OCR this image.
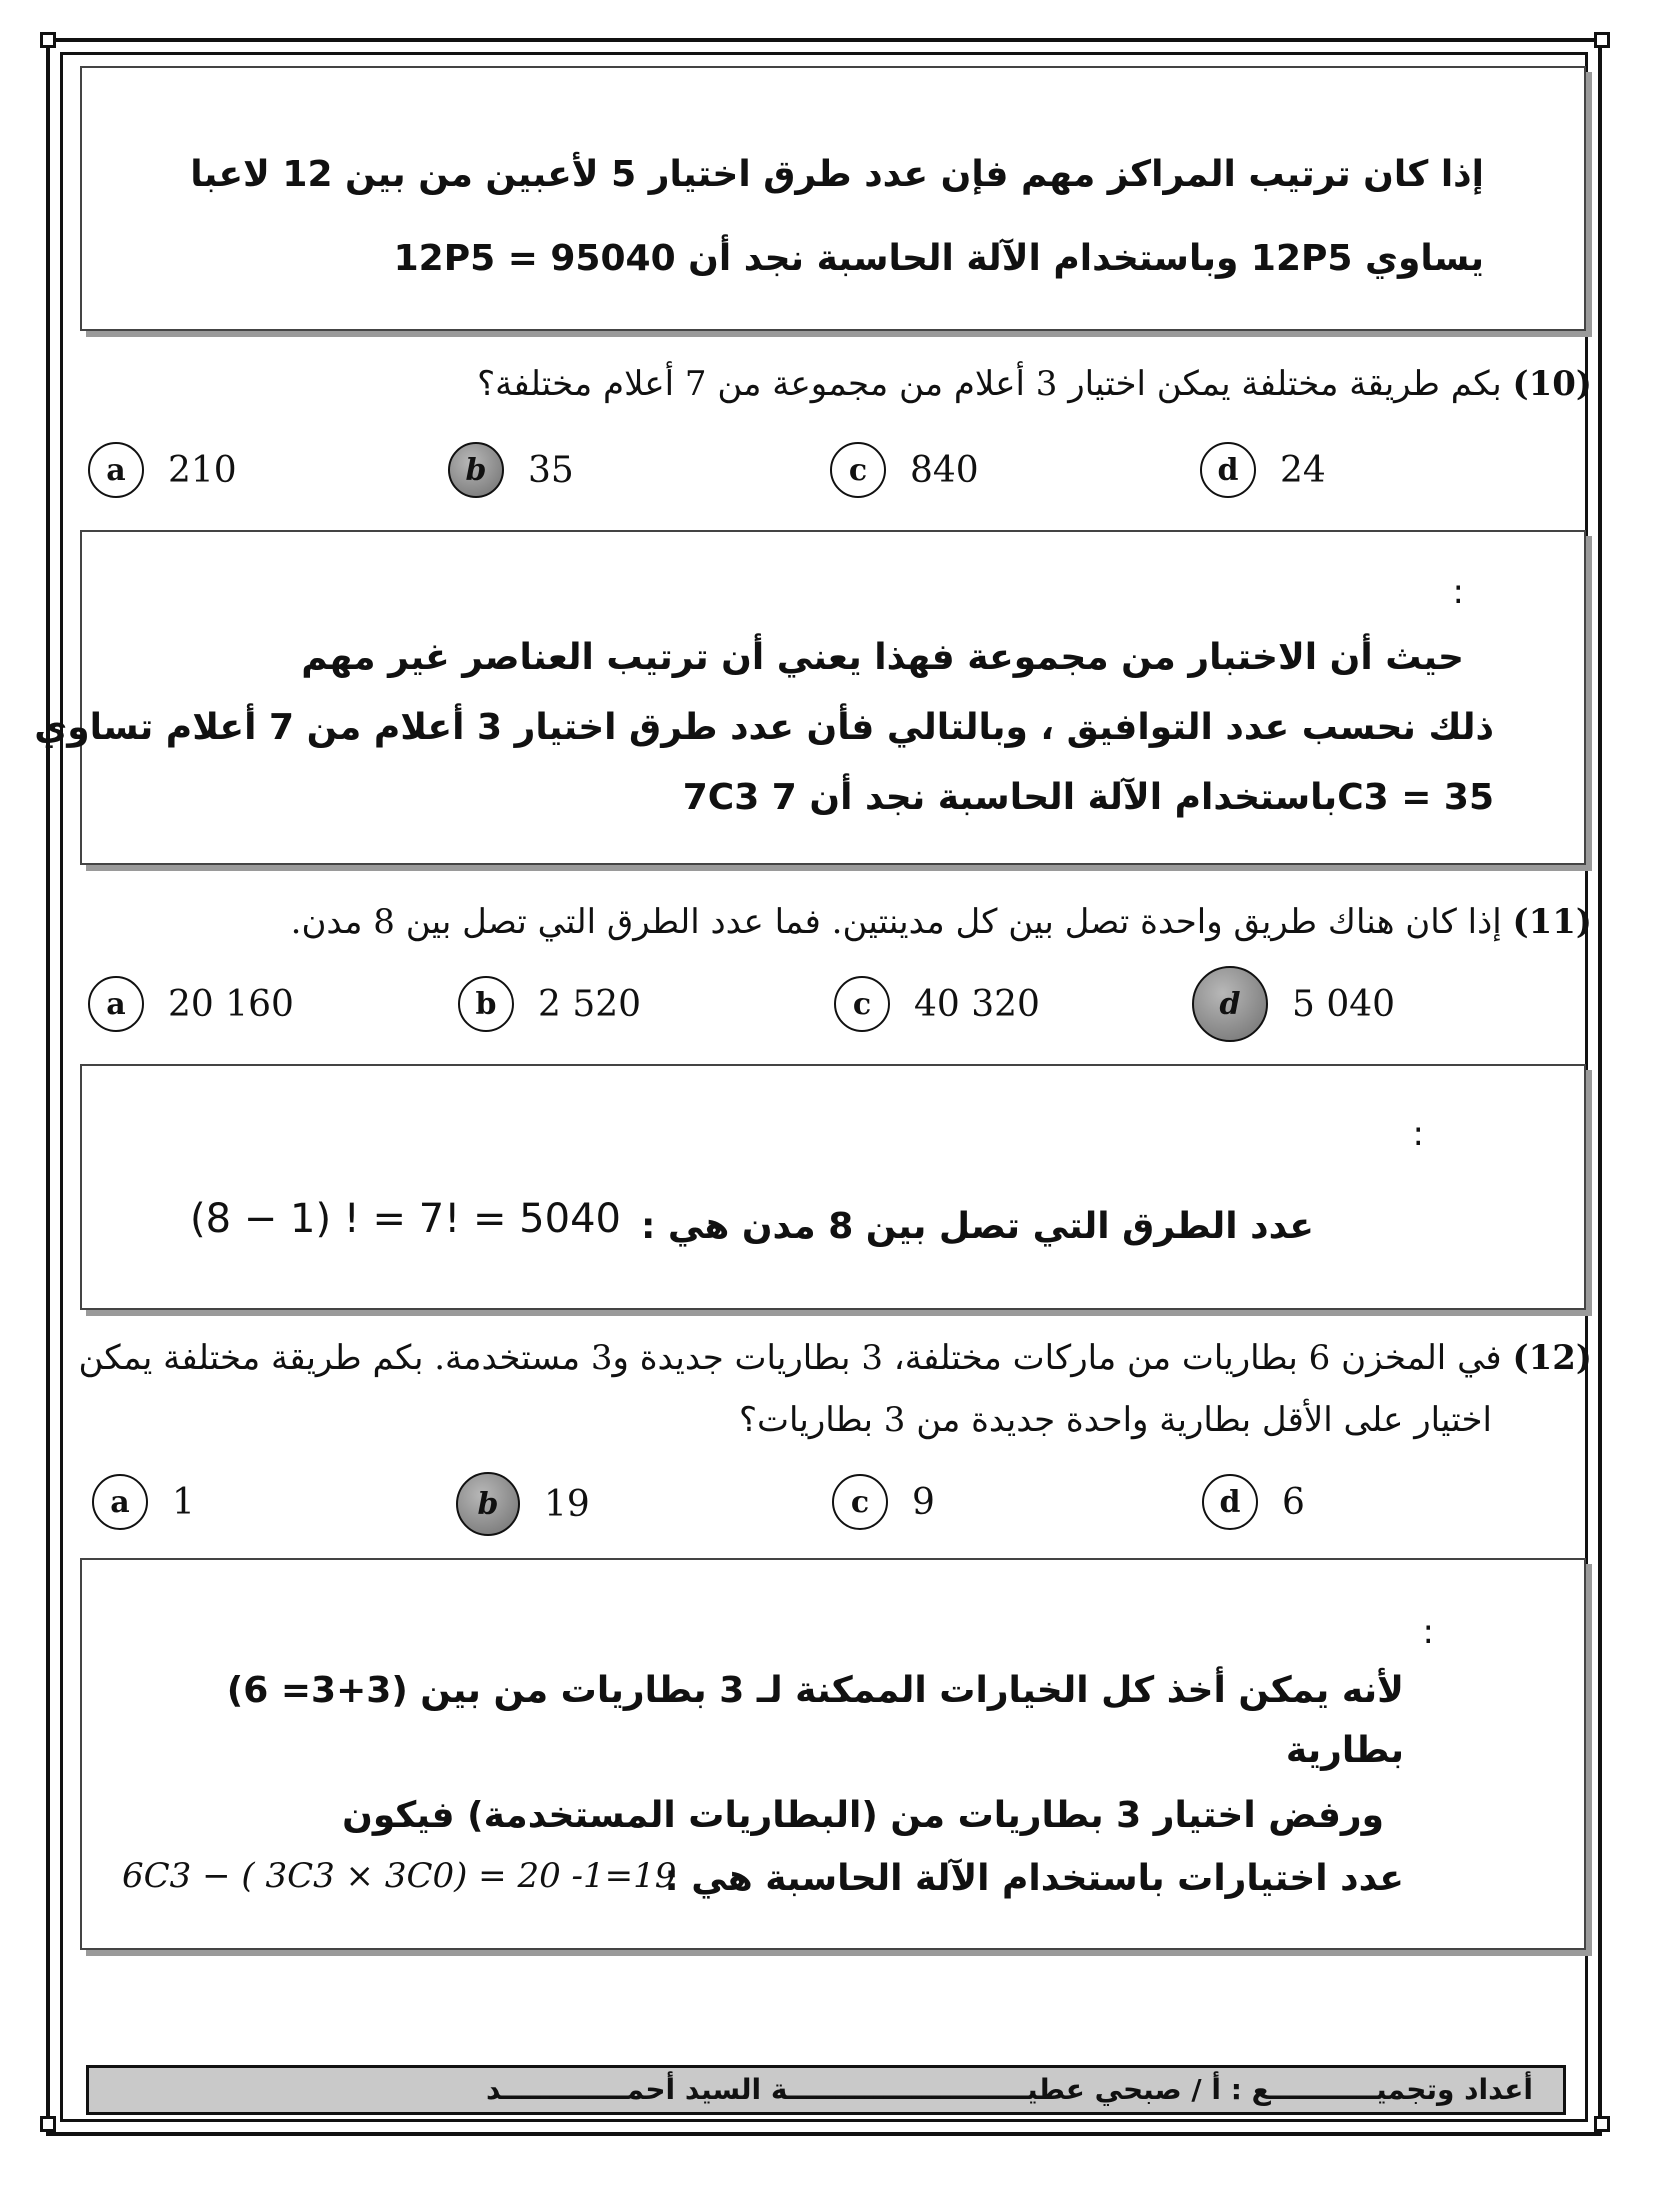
إذا كان ترتيب المراكز مهم فإن عدد طرق اختيار 5 لأعبين من بين 12 لاعبا
يساوي 12P5 وباستخدام الآلة الحاسبة نجد أن 12P5 = 95040
(10) بكم طريقة مختلفة يمكن اختيار 3 أعلام من مجموعة من 7 أعلام مختلفة؟
a	210	b	35	c	840	d	24
:
حيث أن الاختبار من مجموعة فهذا يعني أن ترتيب العناصر غير مهم
ذلك نحسب عدد التوافيق ، وبالتالي فأن عدد طرق اختيار 3 أعلام من 7 أعلام تساوي
7C3 باستخدام الآلة الحاسبة نجد أن 7C3 = 35
(11) إذا كان هناك طريق واحدة تصل بين كل مدينتين. فما عدد الطرق التي تصل بين 8 مدن.
a	20 160	b	2 520	c	40 320	d	5 040
:
عدد الطرق التي تصل بين 8 مدن هي :
(8 − 1) ! = 7! = 5040
(12) في المخزن 6 بطاريات من ماركات مختلفة، 3 بطاريات جديدة و3 مستخدمة. بكم طريقة مختلفة يمكن
اختيار على الأقل بطارية واحدة جديدة من 3 بطاريات؟
a	1	b	19	c	9	d	6
:
لأنه يمكن أخذ كل الخيارات الممكنة لـ 3 بطاريات من بين (3+3= 6)
بطارية
ورفض اختيار 3 بطاريات من (البطاريات المستخدمة) فيكون
عدد اختيارات باستخدام الآلة الحاسبة هي :
6C3 − ( 3C3 × 3C0) = 20 -1=19
أعداد وتجميـــــــــــع : أ / صبحي عطيـــــــــــــــــــــــــة السيد أحمـــــــــــــد
